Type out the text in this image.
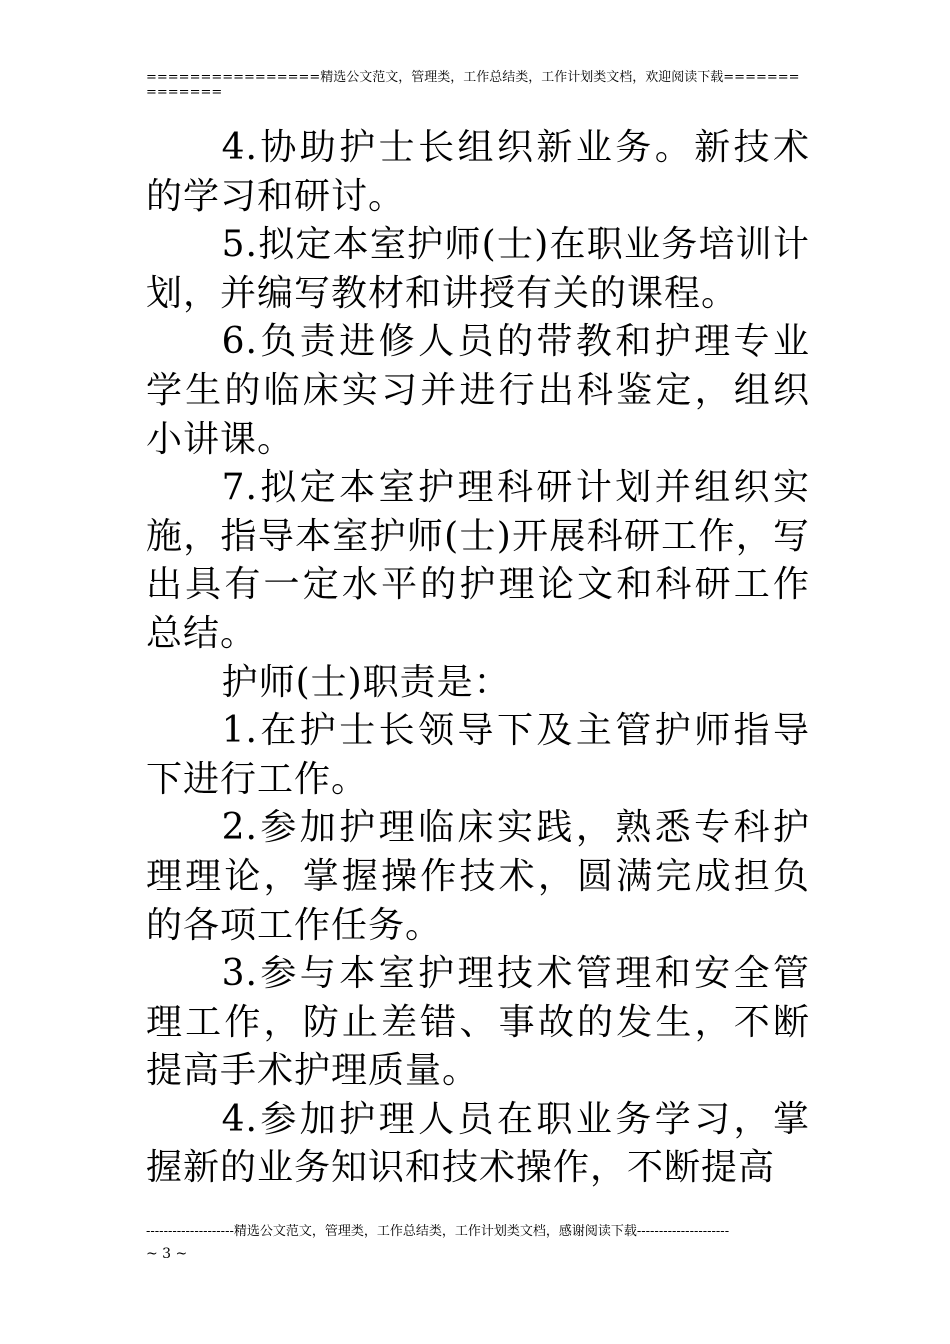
================精选公文范文，管理类，工作总结类，工作计划类文档，欢迎阅读下载==============

4.协助护士长组织新业务。新技术的学习和研讨。

5.拟定本室护师(士)在职业务培训计划，并编写教材和讲授有关的课程。

6.负责进修人员的带教和护理专业学生的临床实习并进行出科鉴定，组织小讲课。

7.拟定本室护理科研计划并组织实施，指导本室护师(士)开展科研工作，写出具有一定水平的护理论文和科研工作总结。

护师(士)职责是：

1.在护士长领导下及主管护师指导下进行工作。

2.参加护理临床实践，熟悉专科护理理论，掌握操作技术，圆满完成担负的各项工作任务。

3.参与本室护理技术管理和安全管理工作，防止差错、事故的发生，不断提高手术护理质量。

4.参加护理人员在职业务学习，掌握新的业务知识和技术操作，不断提高

--------------------精选公文范文，管理类，工作总结类，工作计划类文档，感谢阅读下载---------------------
~ 3 ~
